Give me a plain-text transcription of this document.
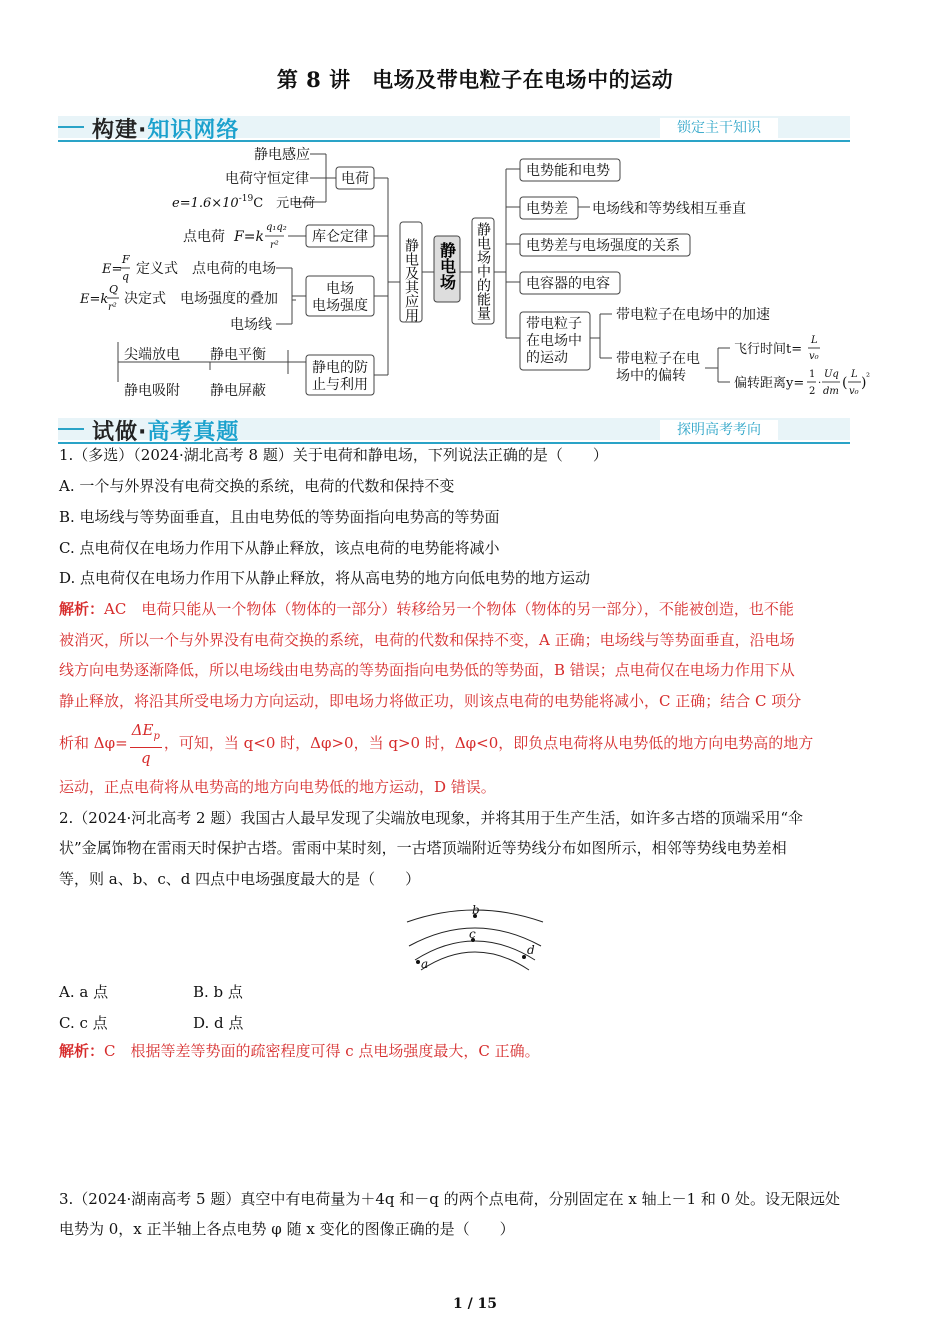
第 8 讲　电场及带电粒子在电场中的运动
构建·知识网络	锁定主干知识
静电感应
电荷守恒定律
$e=1.6\times 10^{-19}C$　元电荷
电荷
点电荷 F=k
q₁q₂
r²
库仑定律
E=
F
q 定义式　点电荷的电场
E=k
Q
r²
决定式　电场强度的叠加
电场线
电场
电场强度
尖端放电 静电平衡
静电吸附 静电屏蔽
静电的防
止与利用
静电及其应用 静电场 静电场中的能量
电势能和电势
电势差 电场线和等势线相互垂直
电势差与电场强度的关系
电容器的电容
带电粒子
在电场中
的运动
带电粒子在电场中的加速
带电粒子在电
场中的偏转
飞行时间t=
L
v₀
偏转距离y=
1
2
·
Uq
dm
(
L
v₀
) ²
试做·高考真题	探明高考考向
1.（多选）（2024·湖北高考 8 题）关于电荷和静电场，下列说法正确的是（　　）
A. 一个与外界没有电荷交换的系统，电荷的代数和保持不变
B. 电场线与等势面垂直，且由电势低的等势面指向电势高的等势面
C. 点电荷仅在电场力作用下从静止释放，该点电荷的电势能将减小
D. 点电荷仅在电场力作用下从静止释放，将从高电势的地方向低电势的地方运动
解析：AC　电荷只能从一个物体（物体的一部分）转移给另一个物体（物体的另一部分），不能被创造，也不能
被消灭，所以一个与外界没有电荷交换的系统，电荷的代数和保持不变，A 正确；电场线与等势面垂直，沿电场
线方向电势逐渐降低，所以电场线由电势高的等势面指向电势低的等势面，B 错误；点电荷仅在电场力作用下从
静止释放，将沿其所受电场力方向运动，即电场力将做正功，则该点电荷的电势能将减小，C 正确；结合 C 项分
析和 Δφ=
$\Delta E_p$
q
，可知，当 q<0 时，Δφ>0，当 q>0 时，Δφ<0，即负点电荷将从电势低的地方向电势高的地方
运动，正点电荷将从电势高的地方向电势低的地方运动，D 错误。
2.（2024·河北高考 2 题）我国古人最早发现了尖端放电现象，并将其用于生产生活，如许多古塔的顶端采用“伞
状”金属饰物在雷雨天时保护古塔。雷雨中某时刻，一古塔顶端附近等势线分布如图所示，相邻等势线电势差相
等，则 a、b、c、d 四点中电场强度最大的是（　　）
b
c
d
a
A. a 点	B. b 点
C. c 点	D. d 点
解析：C　根据等差等势面的疏密程度可得 c 点电场强度最大，C 正确。
3.（2024·湖南高考 5 题）真空中有电荷量为＋4q 和－q 的两个点电荷，分别固定在 x 轴上－1 和 0 处。设无限远处
电势为 0，x 正半轴上各点电势 φ 随 x 变化的图像正确的是（　　）
1 / 15
